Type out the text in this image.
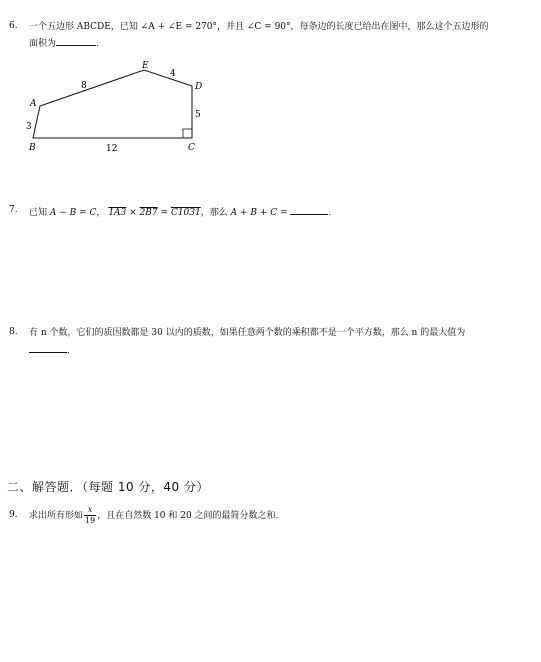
6. 一个五边形 ABCDE，已知 ∠A + ∠E = 270°，并且 ∠C = 90°，每条边的长度已给出在图中，那么这个五边形的
面积为	．
A
B	C
D
E
8
4
5
3
12
7. 已知 A − B = C， 1A3 × 2B7 = C1031，那么 A + B + C =	．
8. 有 n 个数，它们的质因数都是 30 以内的质数，如果任意两个数的乘积都不是一个平方数，那么 n 的最大值为
．
二、解答题．（每题 10 分，40 分）
9. 求出所有形如 $\frac{x}{19}$ ，且在自然数 10 和 20 之间的最简分数之和．
